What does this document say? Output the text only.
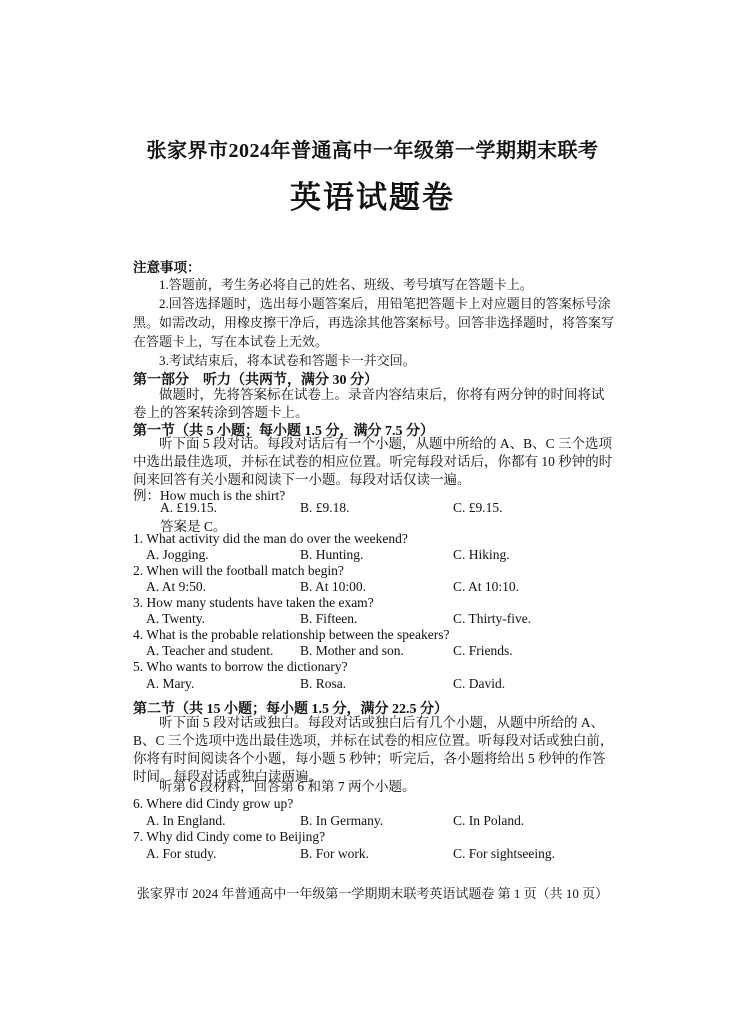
张家界市2024年普通高中一年级第一学期期末联考
英语试题卷
注意事项：
1.答题前，考生务必将自己的姓名、班级、考号填写在答题卡上。
2.回答选择题时，选出每小题答案后，用铅笔把答题卡上对应题目的答案标号涂黑。如需改动，用橡皮擦干净后，再选涂其他答案标号。回答非选择题时，将答案写在答题卡上，写在本试卷上无效。
3.考试结束后，将本试卷和答题卡一并交回。
第一部分　听力（共两节，满分 30 分）
做题时，先将答案标在试卷上。录音内容结束后，你将有两分钟的时间将试卷上的答案转涂到答题卡上。
第一节（共 5 小题；每小题 1.5 分，满分 7.5 分）
听下面 5 段对话。每段对话后有一个小题，从题中所给的 A、B、C 三个选项中选出最佳选项，并标在试卷的相应位置。听完每段对话后，你都有 10 秒钟的时间来回答有关小题和阅读下一小题。每段对话仅读一遍。
例：How much is the shirt?
A. £19.15.	B. £9.18.	C. £9.15.
答案是 C。
1. What activity did the man do over the weekend?
A. Jogging.	B. Hunting.	C. Hiking.
2. When will the football match begin?
A. At 9:50.	B. At 10:00.	C. At 10:10.
3. How many students have taken the exam?
A. Twenty.	B. Fifteen.	C. Thirty-five.
4. What is the probable relationship between the speakers?
A. Teacher and student. B. Mother and son.	C. Friends.
5. Who wants to borrow the dictionary?
A. Mary.	B. Rosa.	C. David.
第二节（共 15 小题；每小题 1.5 分，满分 22.5 分）
听下面 5 段对话或独白。每段对话或独白后有几个小题，从题中所给的 A、B、C 三个选项中选出最佳选项，并标在试卷的相应位置。听每段对话或独白前，你将有时间阅读各个小题，每小题 5 秒钟；听完后，各小题将给出 5 秒钟的作答时间。每段对话或独白读两遍。
听第 6 段材料，回答第 6 和第 7 两个小题。
6. Where did Cindy grow up?
A. In England.	B. In Germany.	C. In Poland.
7. Why did Cindy come to Beijing?
A. For study.	B. For work.	C. For sightseeing.
张家界市 2024 年普通高中一年级第一学期期末联考英语试题卷 第 1 页（共 10 页）
